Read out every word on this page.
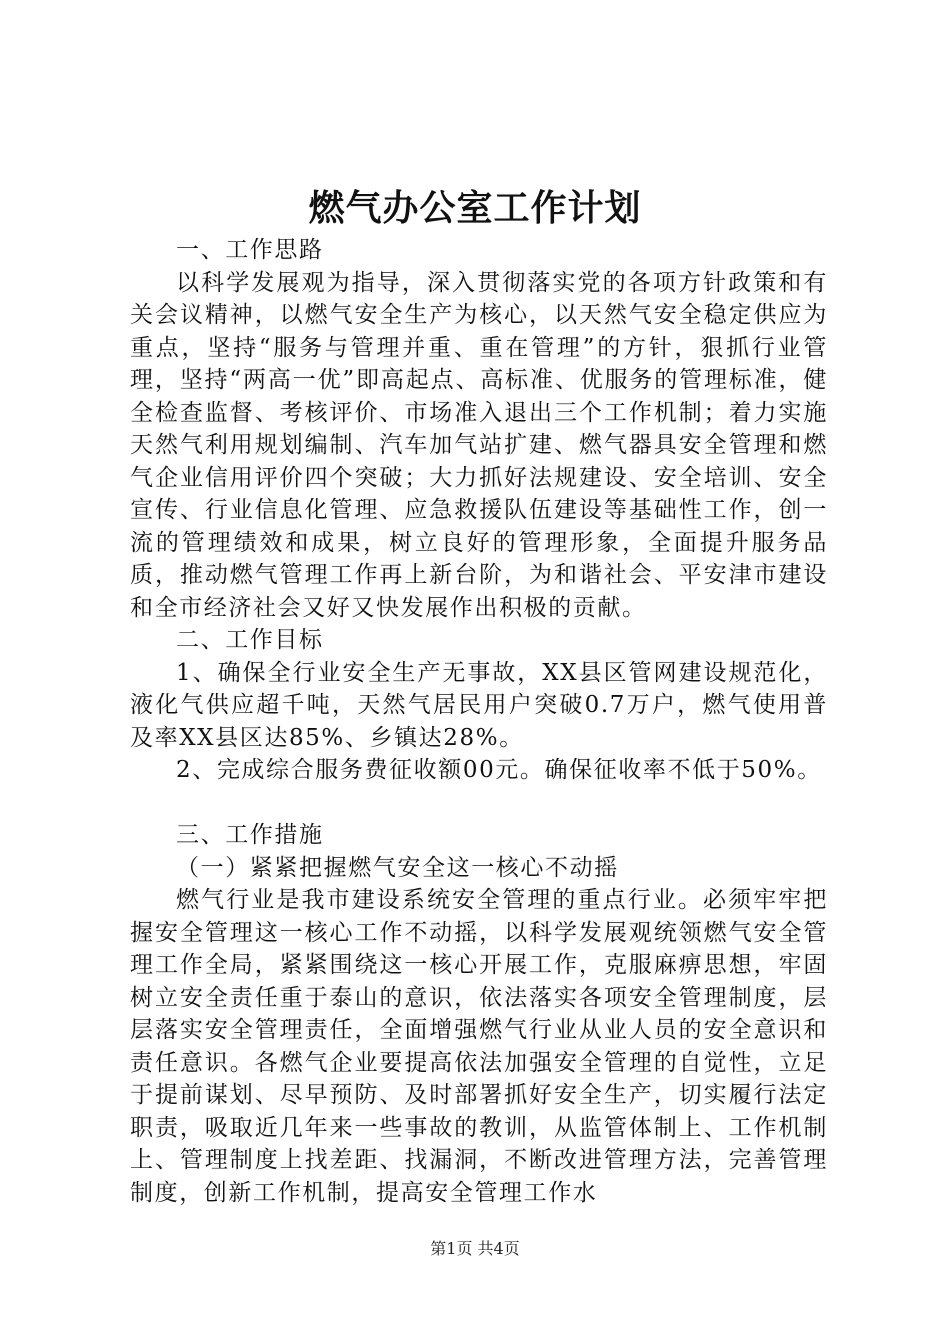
燃气办公室工作计划

一、工作思路

以科学发展观为指导，深入贯彻落实党的各项方针政策和有关会议精神，以燃气安全生产为核心，以天然气安全稳定供应为重点，坚持“服务与管理并重、重在管理”的方针，狠抓行业管理，坚持“两高一优”即高起点、高标准、优服务的管理标准，健全检查监督、考核评价、市场准入退出三个工作机制；着力实施天然气利用规划编制、汽车加气站扩建、燃气器具安全管理和燃气企业信用评价四个突破；大力抓好法规建设、安全培训、安全宣传、行业信息化管理、应急救援队伍建设等基础性工作，创一流的管理绩效和成果，树立良好的管理形象，全面提升服务品质，推动燃气管理工作再上新台阶，为和谐社会、平安津市建设和全市经济社会又好又快发展作出积极的贡献。

二、工作目标

1、确保全行业安全生产无事故，XX县区管网建设规范化，液化气供应超千吨，天然气居民用户突破0.7万户，燃气使用普及率XX县区达85%、乡镇达28%。

2、完成综合服务费征收额00元。确保征收率不低于50%。

三、工作措施

（一）紧紧把握燃气安全这一核心不动摇

燃气行业是我市建设系统安全管理的重点行业。必须牢牢把握安全管理这一核心工作不动摇，以科学发展观统领燃气安全管理工作全局，紧紧围绕这一核心开展工作，克服麻痹思想，牢固树立安全责任重于泰山的意识，依法落实各项安全管理制度，层层落实安全管理责任，全面增强燃气行业从业人员的安全意识和责任意识。各燃气企业要提高依法加强安全管理的自觉性，立足于提前谋划、尽早预防、及时部署抓好安全生产，切实履行法定职责，吸取近几年来一些事故的教训，从监管体制上、工作机制上、管理制度上找差距、找漏洞，不断改进管理方法，完善管理制度，创新工作机制，提高安全管理工作水

第1页 共4页
